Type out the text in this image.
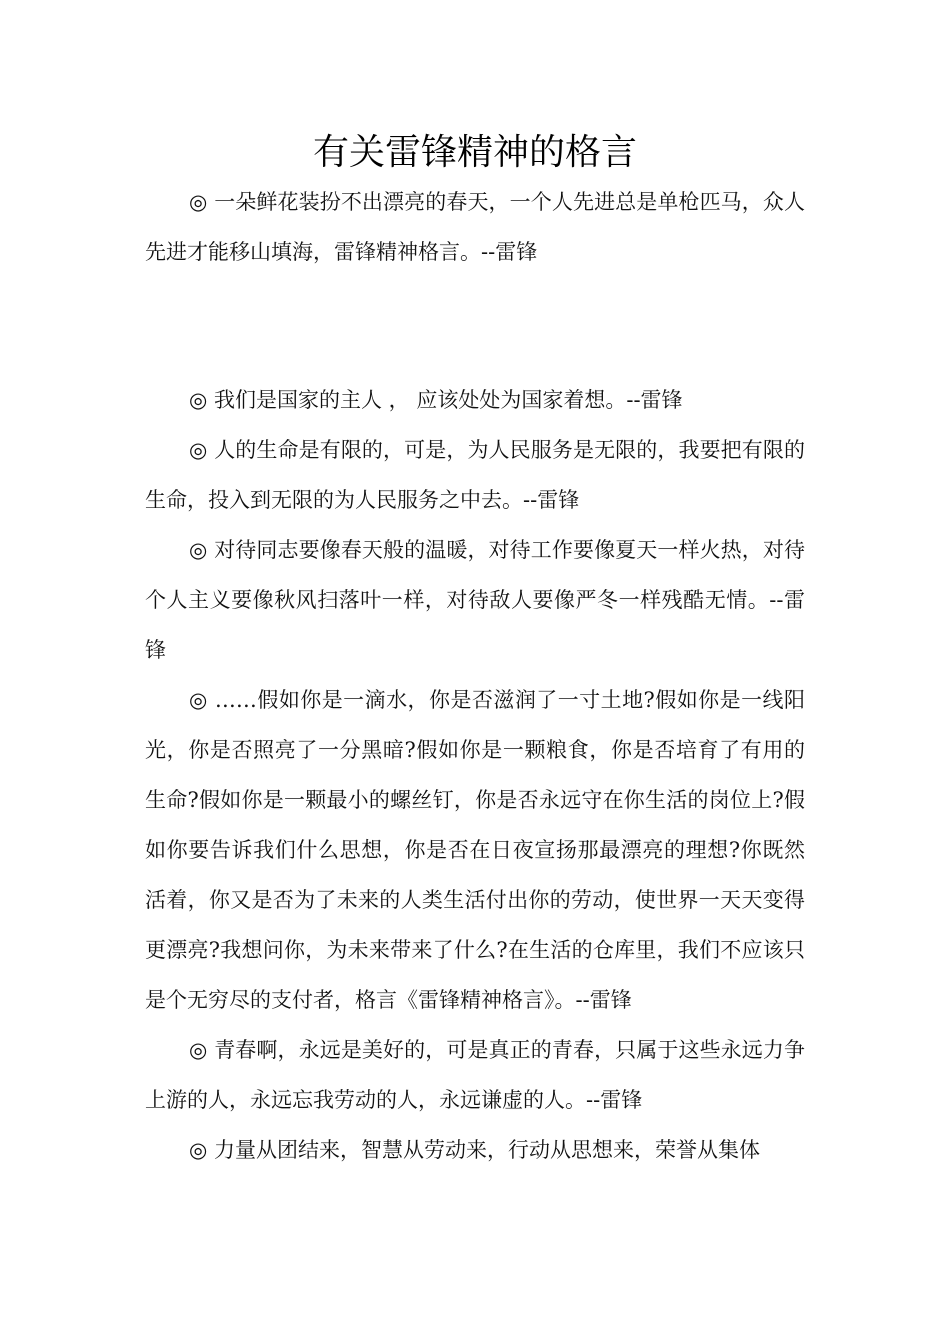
有关雷锋精神的格言

◎ 一朵鲜花装扮不出漂亮的春天，一个人先进总是单枪匹马，众人先进才能移山填海，雷锋精神格言。--雷锋

◎ 我们是国家的主人 ， 应该处处为国家着想。--雷锋

◎ 人的生命是有限的，可是，为人民服务是无限的，我要把有限的生命，投入到无限的为人民服务之中去。--雷锋

◎ 对待同志要像春天般的温暖，对待工作要像夏天一样火热，对待个人主义要像秋风扫落叶一样，对待敌人要像严冬一样残酷无情。--雷锋

◎ ……假如你是一滴水，你是否滋润了一寸土地?假如你是一线阳光，你是否照亮了一分黑暗?假如你是一颗粮食，你是否培育了有用的生命?假如你是一颗最小的螺丝钉，你是否永远守在你生活的岗位上?假如你要告诉我们什么思想，你是否在日夜宣扬那最漂亮的理想?你既然活着，你又是否为了未来的人类生活付出你的劳动，使世界一天天变得更漂亮?我想问你，为未来带来了什么?在生活的仓库里，我们不应该只是个无穷尽的支付者，格言《雷锋精神格言》。--雷锋

◎ 青春啊，永远是美好的，可是真正的青春，只属于这些永远力争上游的人，永远忘我劳动的人，永远谦虚的人。--雷锋

◎ 力量从团结来，智慧从劳动来，行动从思想来，荣誉从集体
